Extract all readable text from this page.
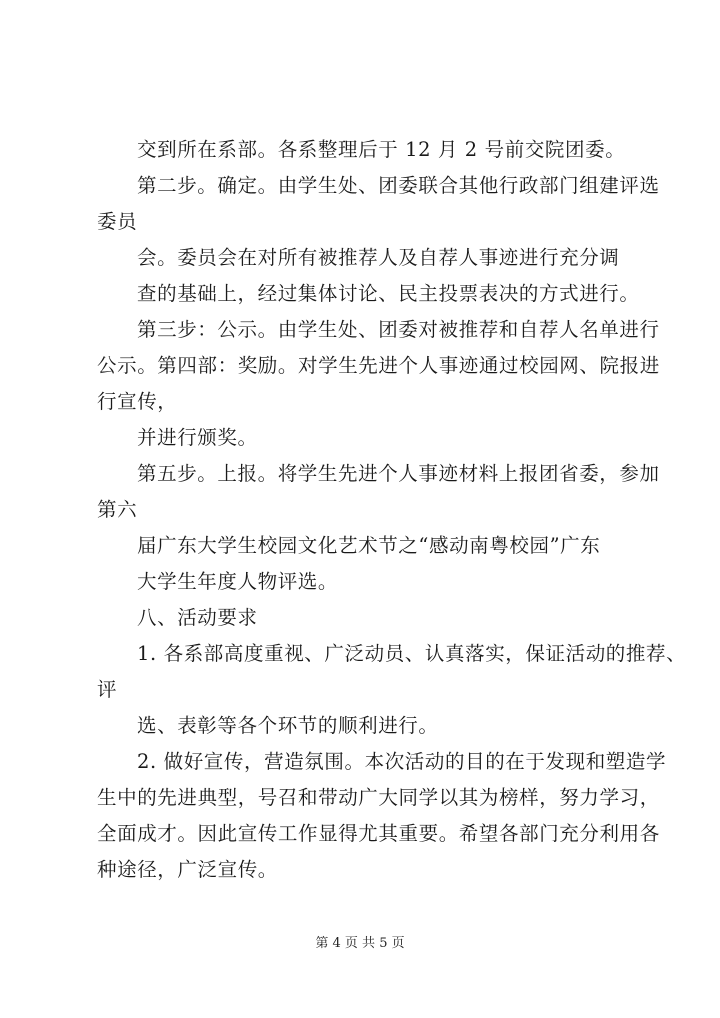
交到所在系部。各系整理后于 12 月 2 号前交院团委。
第二步。确定。由学生处、团委联合其他行政部门组建评选
委员
会。委员会在对所有被推荐人及自荐人事迹进行充分调
查的基础上，经过集体讨论、民主投票表决的方式进行。
第三步：公示。由学生处、团委对被推荐和自荐人名单进行
公示。第四部：奖励。对学生先进个人事迹通过校园网、院报进
行宣传，
并进行颁奖。
第五步。上报。将学生先进个人事迹材料上报团省委，参加
第六
届广东大学生校园文化艺术节之“感动南粤校园”广东
大学生年度人物评选。
八、活动要求
1. 各系部高度重视、广泛动员、认真落实，保证活动的推荐、
评
选、表彰等各个环节的顺利进行。
2. 做好宣传，营造氛围。本次活动的目的在于发现和塑造学
生中的先进典型，号召和带动广大同学以其为榜样，努力学习，
全面成才。因此宣传工作显得尤其重要。希望各部门充分利用各
种途径，广泛宣传。
第 4 页 共 5 页
